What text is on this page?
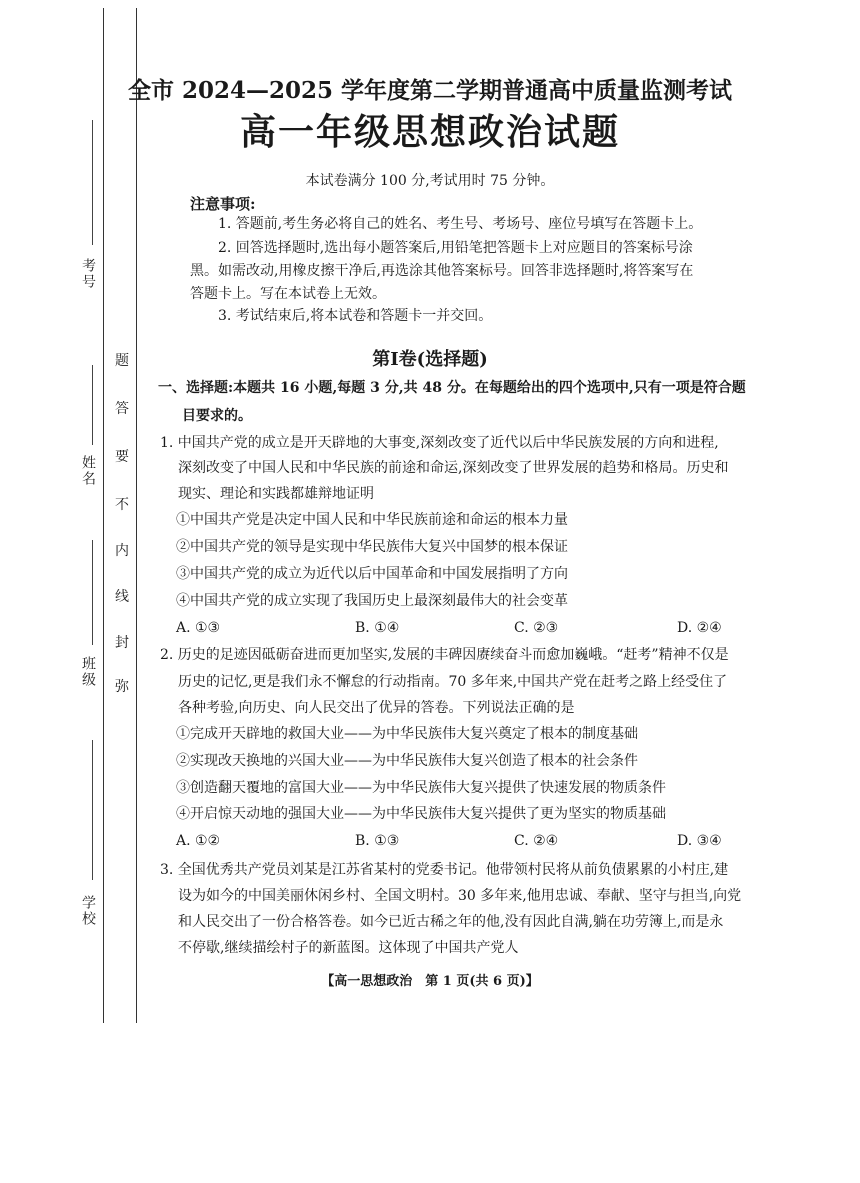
考号
姓名
班级
学校
题
答
要
不
内
线
封
弥
全市 2024—2025 学年度第二学期普通高中质量监测考试
高一年级思想政治试题
本试卷满分 100 分,考试用时 75 分钟。
注意事项:
1. 答题前,考生务必将自己的姓名、考生号、考场号、座位号填写在答题卡上。
2. 回答选择题时,选出每小题答案后,用铅笔把答题卡上对应题目的答案标号涂
黑。如需改动,用橡皮擦干净后,再选涂其他答案标号。回答非选择题时,将答案写在
答题卡上。写在本试卷上无效。
3. 考试结束后,将本试卷和答题卡一并交回。
第Ⅰ卷(选择题)
一、选择题:本题共 16 小题,每题 3 分,共 48 分。在每题给出的四个选项中,只有一项是符合题
目要求的。
1. 中国共产党的成立是开天辟地的大事变,深刻改变了近代以后中华民族发展的方向和进程,
深刻改变了中国人民和中华民族的前途和命运,深刻改变了世界发展的趋势和格局。历史和
现实、理论和实践都雄辩地证明
①中国共产党是决定中国人民和中华民族前途和命运的根本力量
②中国共产党的领导是实现中华民族伟大复兴中国梦的根本保证
③中国共产党的成立为近代以后中国革命和中国发展指明了方向
④中国共产党的成立实现了我国历史上最深刻最伟大的社会变革
A. ①③	B. ①④	C. ②③	D. ②④
2. 历史的足迹因砥砺奋进而更加坚实,发展的丰碑因赓续奋斗而愈加巍峨。“赶考”精神不仅是
历史的记忆,更是我们永不懈怠的行动指南。70 多年来,中国共产党在赶考之路上经受住了
各种考验,向历史、向人民交出了优异的答卷。下列说法正确的是
①完成开天辟地的救国大业——为中华民族伟大复兴奠定了根本的制度基础
②实现改天换地的兴国大业——为中华民族伟大复兴创造了根本的社会条件
③创造翻天覆地的富国大业——为中华民族伟大复兴提供了快速发展的物质条件
④开启惊天动地的强国大业——为中华民族伟大复兴提供了更为坚实的物质基础
A. ①②	B. ①③	C. ②④	D. ③④
3. 全国优秀共产党员刘某是江苏省某村的党委书记。他带领村民将从前负债累累的小村庄,建
设为如今的中国美丽休闲乡村、全国文明村。30 多年来,他用忠诚、奉献、坚守与担当,向党
和人民交出了一份合格答卷。如今已近古稀之年的他,没有因此自满,躺在功劳簿上,而是永
不停歇,继续描绘村子的新蓝图。这体现了中国共产党人
【高一思想政治　第 1 页(共 6 页)】
